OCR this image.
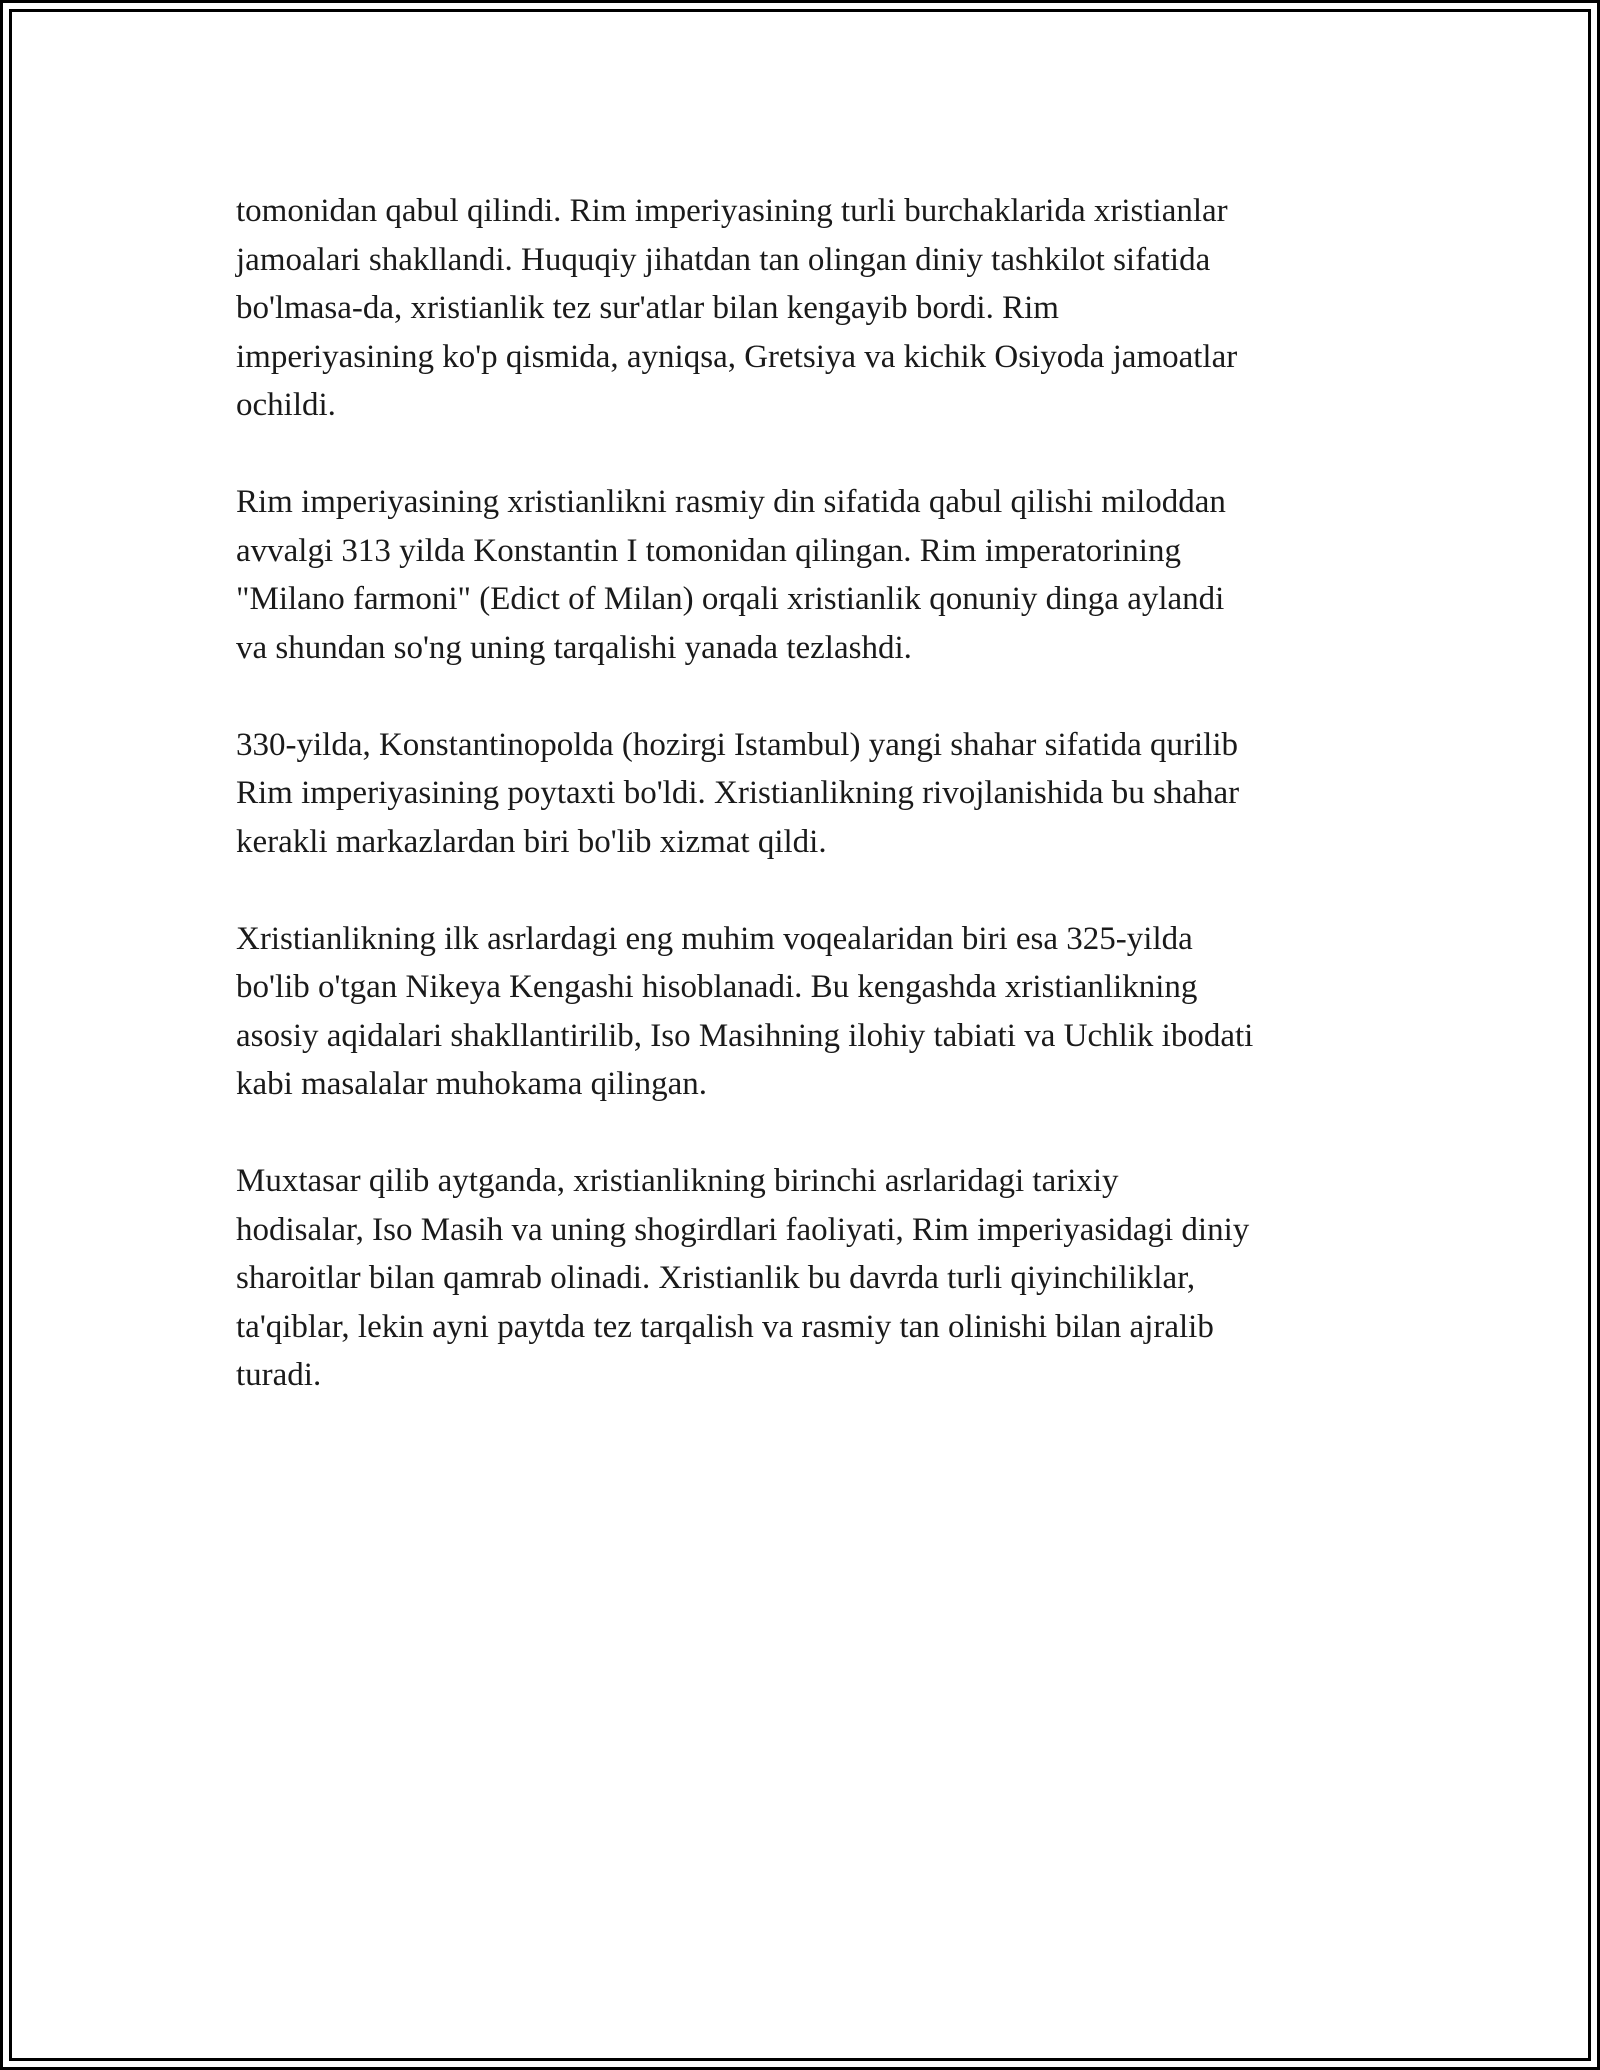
tomonidan qabul qilindi. Rim imperiyasining turli burchaklarida xristianlar
jamoalari shakllandi. Huquqiy jihatdan tan olingan diniy tashkilot sifatida
bo'lmasa-da, xristianlik tez sur'atlar bilan kengayib bordi. Rim
imperiyasining ko'p qismida, ayniqsa, Gretsiya va kichik Osiyoda jamoatlar
ochildi.

Rim imperiyasining xristianlikni rasmiy din sifatida qabul qilishi miloddan
avvalgi 313 yilda Konstantin I tomonidan qilingan. Rim imperatorining
"Milano farmoni" (Edict of Milan) orqali xristianlik qonuniy dinga aylandi
va shundan so'ng uning tarqalishi yanada tezlashdi.

330-yilda, Konstantinopolda (hozirgi Istambul) yangi shahar sifatida qurilib
Rim imperiyasining poytaxti bo'ldi. Xristianlikning rivojlanishida bu shahar
kerakli markazlardan biri bo'lib xizmat qildi.

Xristianlikning ilk asrlardagi eng muhim voqealaridan biri esa 325-yilda
bo'lib o'tgan Nikeya Kengashi hisoblanadi. Bu kengashda xristianlikning
asosiy aqidalari shakllantirilib, Iso Masihning ilohiy tabiati va Uchlik ibodati
kabi masalalar muhokama qilingan.

Muxtasar qilib aytganda, xristianlikning birinchi asrlaridagi tarixiy
hodisalar, Iso Masih va uning shogirdlari faoliyati, Rim imperiyasidagi diniy
sharoitlar bilan qamrab olinadi. Xristianlik bu davrda turli qiyinchiliklar,
ta'qiblar, lekin ayni paytda tez tarqalish va rasmiy tan olinishi bilan ajralib
turadi.
